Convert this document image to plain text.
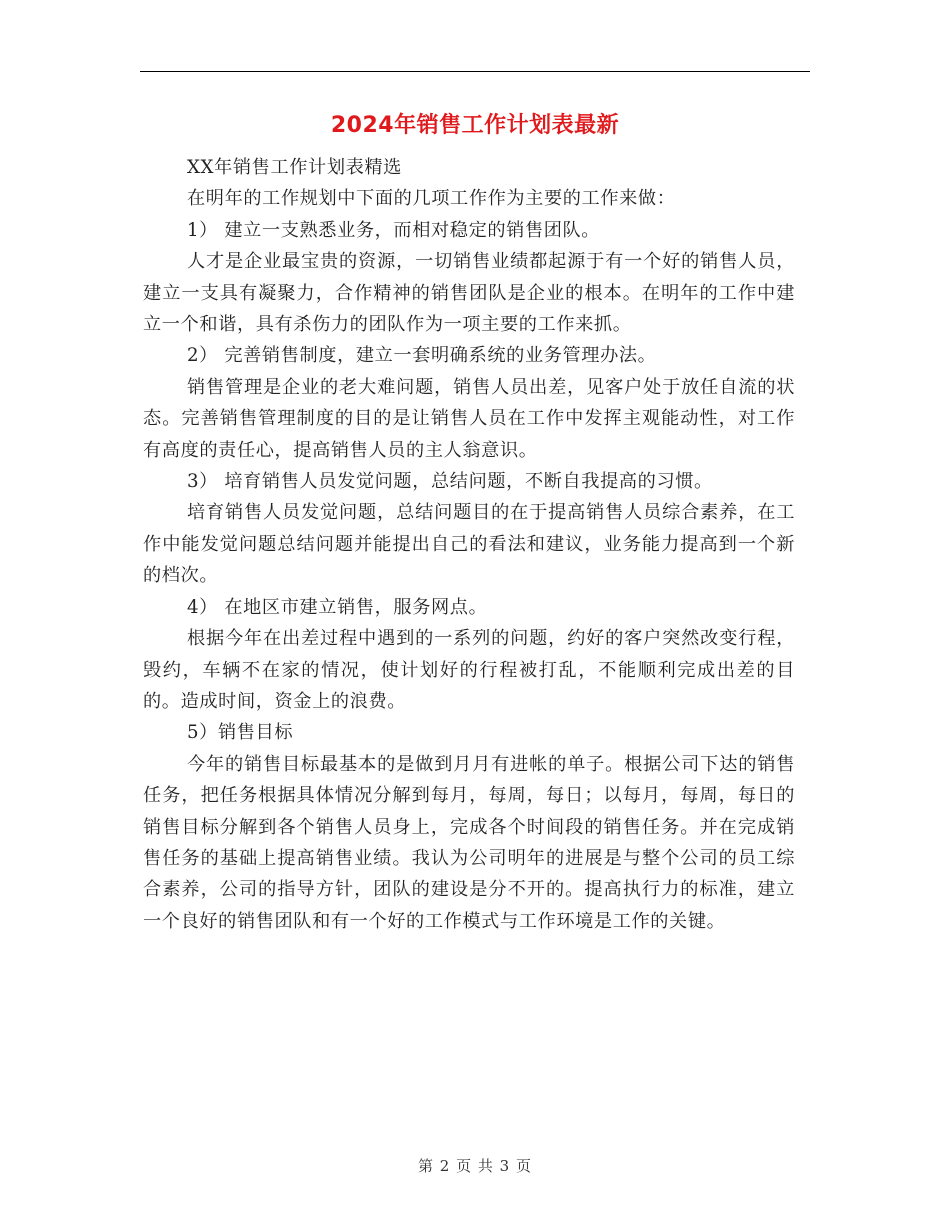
2024年销售工作计划表最新

XX年销售工作计划表精选

在明年的工作规划中下面的几项工作作为主要的工作来做：

1） 建立一支熟悉业务，而相对稳定的销售团队。

人才是企业最宝贵的资源，一切销售业绩都起源于有一个好的销售人员，建立一支具有凝聚力，合作精神的销售团队是企业的根本。在明年的工作中建立一个和谐，具有杀伤力的团队作为一项主要的工作来抓。

2） 完善销售制度，建立一套明确系统的业务管理办法。

销售管理是企业的老大难问题，销售人员出差，见客户处于放任自流的状态。完善销售管理制度的目的是让销售人员在工作中发挥主观能动性，对工作有高度的责任心，提高销售人员的主人翁意识。

3） 培育销售人员发觉问题，总结问题，不断自我提高的习惯。

培育销售人员发觉问题，总结问题目的在于提高销售人员综合素养，在工作中能发觉问题总结问题并能提出自己的看法和建议，业务能力提高到一个新的档次。

4） 在地区市建立销售，服务网点。

根据今年在出差过程中遇到的一系列的问题，约好的客户突然改变行程，毁约，车辆不在家的情况，使计划好的行程被打乱，不能顺利完成出差的目的。造成时间，资金上的浪费。

5）销售目标

今年的销售目标最基本的是做到月月有进帐的单子。根据公司下达的销售任务，把任务根据具体情况分解到每月，每周，每日；以每月，每周，每日的销售目标分解到各个销售人员身上，完成各个时间段的销售任务。并在完成销售任务的基础上提高销售业绩。我认为公司明年的进展是与整个公司的员工综合素养，公司的指导方针，团队的建设是分不开的。提高执行力的标准，建立一个良好的销售团队和有一个好的工作模式与工作环境是工作的关键。

第 2 页 共 3 页
